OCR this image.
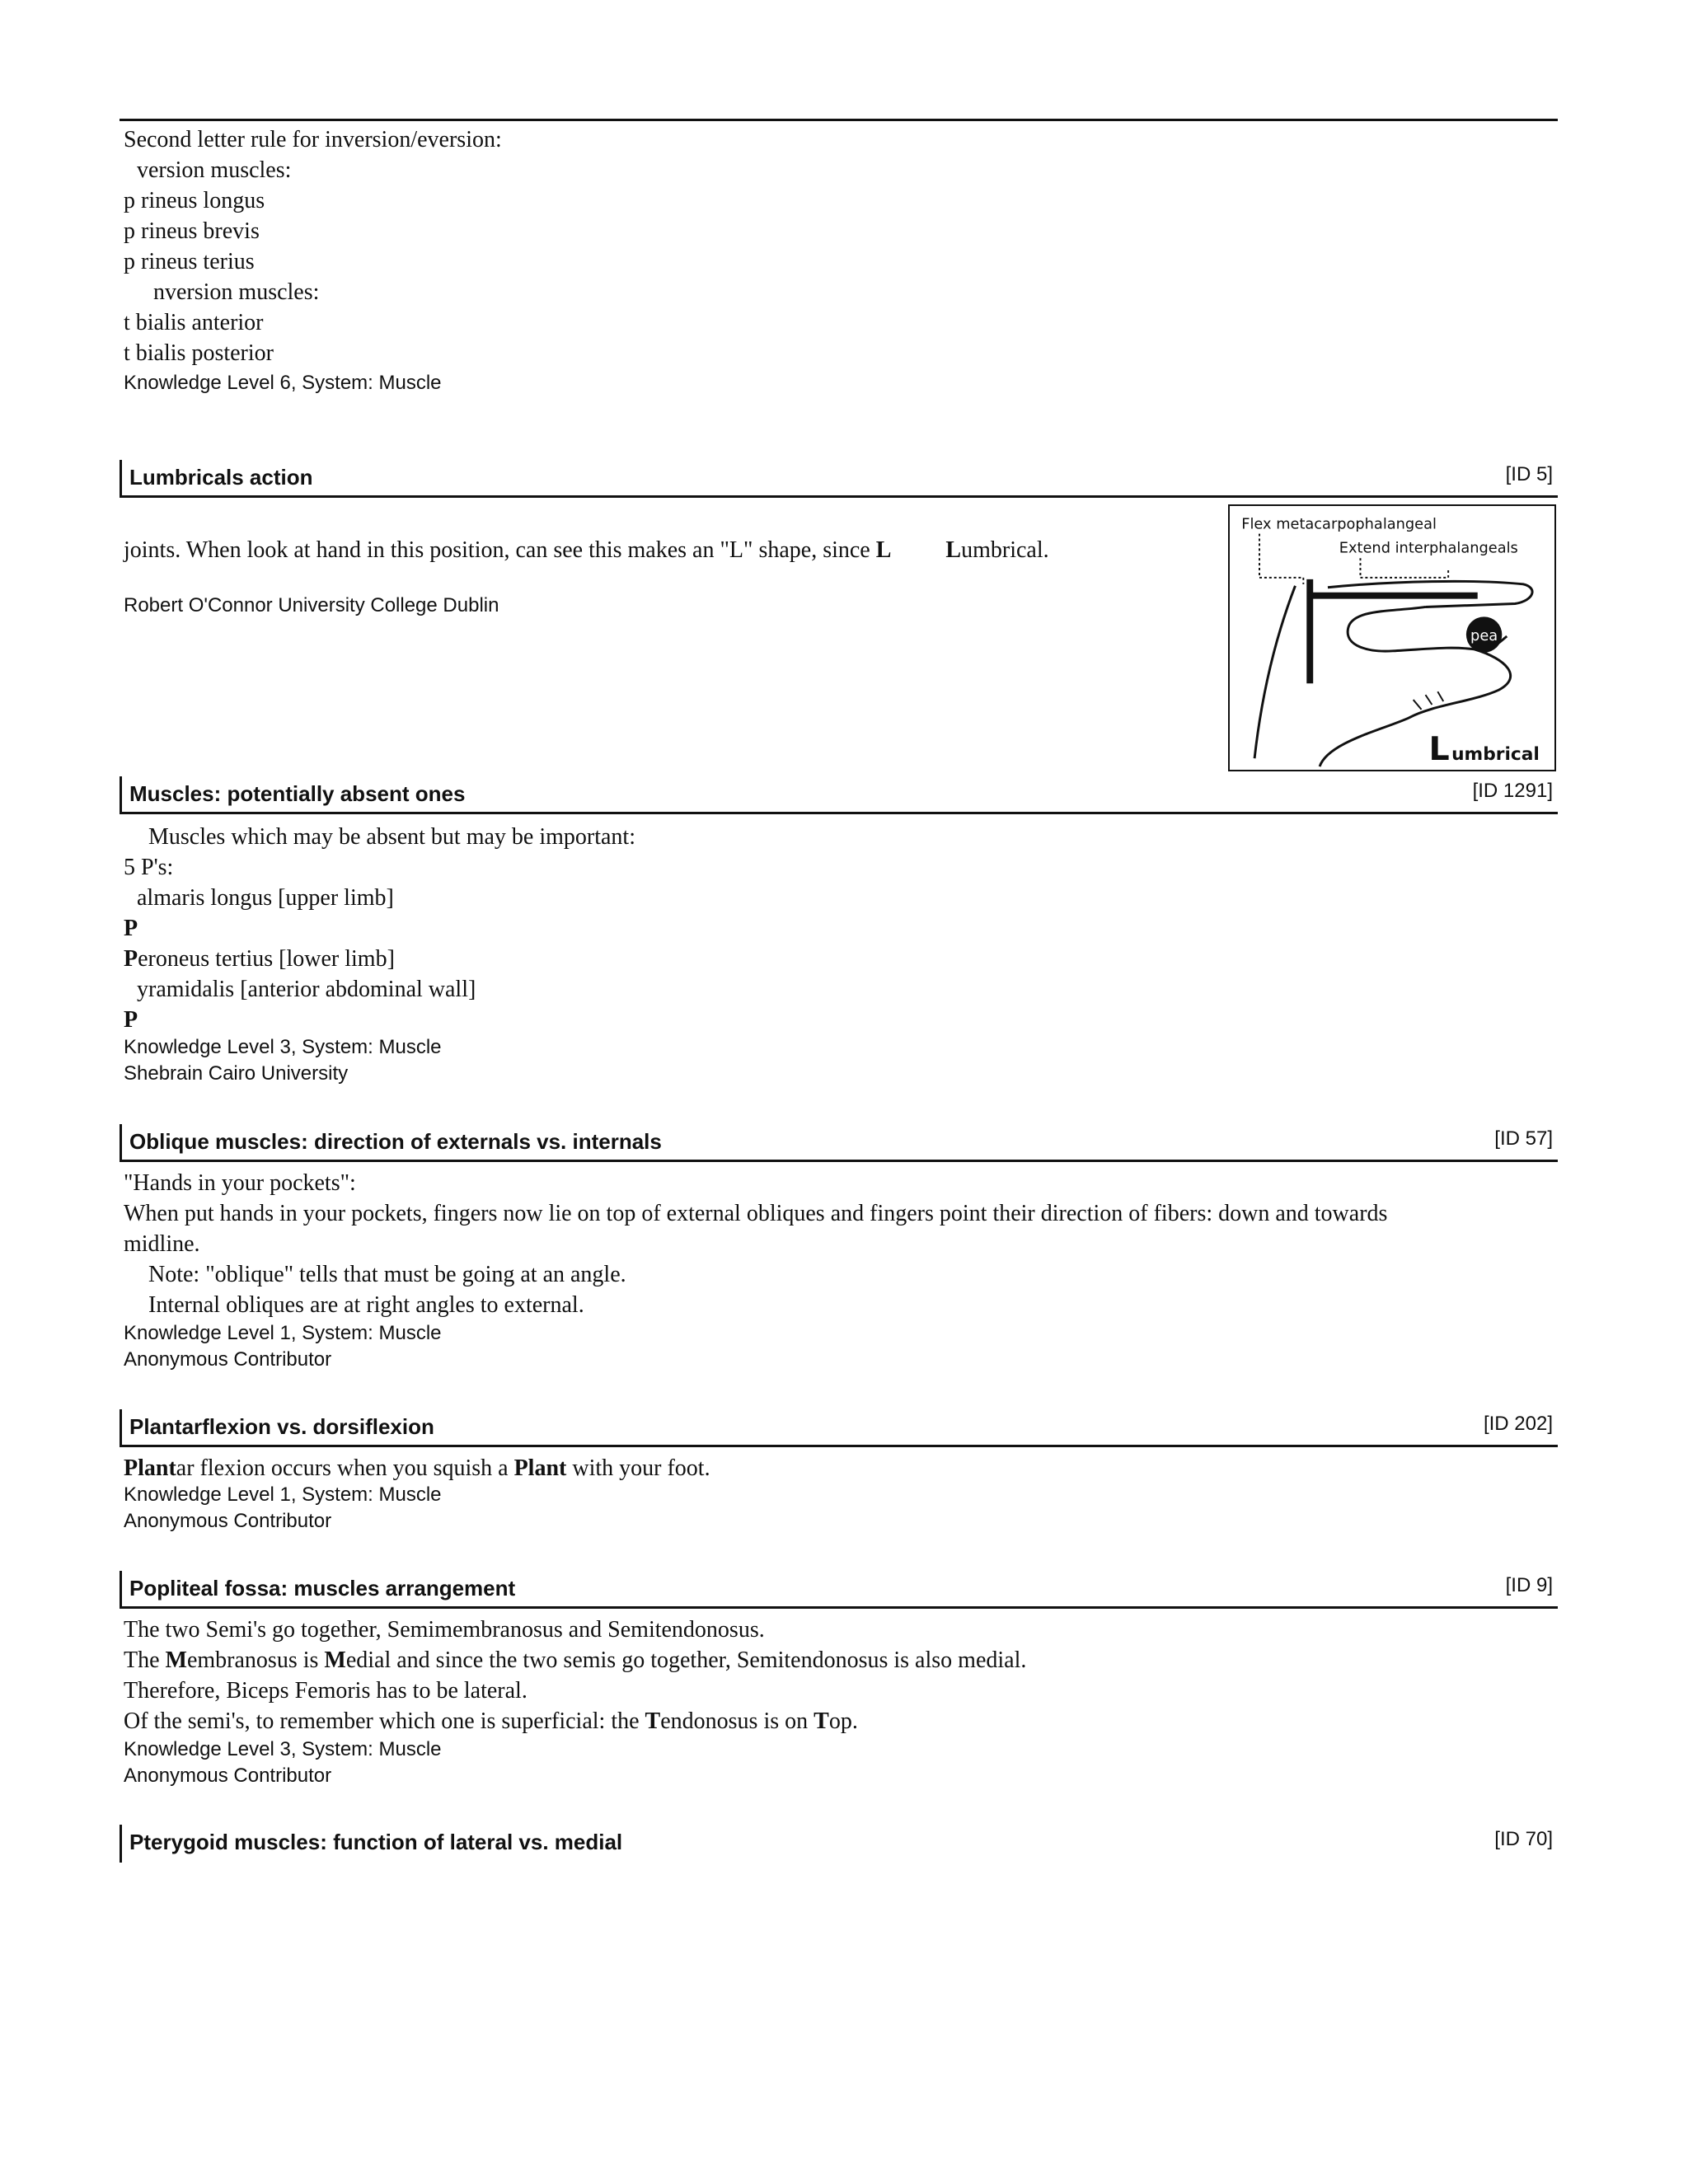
Second letter rule for inversion/eversion:
version muscles:
p rineus longus
p rineus brevis
p rineus terius
nversion muscles:
t bialis anterior
t bialis posterior
Knowledge Level 6, System: Muscle
Lumbricals action	[ID 5]
joints. When look at hand in this position, can see this makes an "L" shape, since L Lumbrical.
Robert O'Connor University College Dublin
Flex metacarpophalangeal
Extend interphalangeals
pea
L umbrical
Muscles: potentially absent ones	[ID 1291]
Muscles which may be absent but may be important:
5 P's:
almaris longus [upper limb]
P
Peroneus tertius [lower limb]
yramidalis [anterior abdominal wall]
P
Knowledge Level 3, System: Muscle
Shebrain Cairo University
Oblique muscles: direction of externals vs. internals	[ID 57]
"Hands in your pockets":
When put hands in your pockets, fingers now lie on top of external obliques and fingers point their direction of fibers: down and towards
midline.
Note: "oblique" tells that must be going at an angle.
Internal obliques are at right angles to external.
Knowledge Level 1, System: Muscle
Anonymous Contributor
Plantarflexion vs. dorsiflexion	[ID 202]
Plantar flexion occurs when you squish a Plant with your foot.
Knowledge Level 1, System: Muscle
Anonymous Contributor
Popliteal fossa: muscles arrangement	[ID 9]
The two Semi's go together, Semimembranosus and Semitendonosus.
The Membranosus is Medial and since the two semis go together, Semitendonosus is also medial.
Therefore, Biceps Femoris has to be lateral.
Of the semi's, to remember which one is superficial: the Tendonosus is on Top.
Knowledge Level 3, System: Muscle
Anonymous Contributor
Pterygoid muscles: function of lateral vs. medial	[ID 70]
